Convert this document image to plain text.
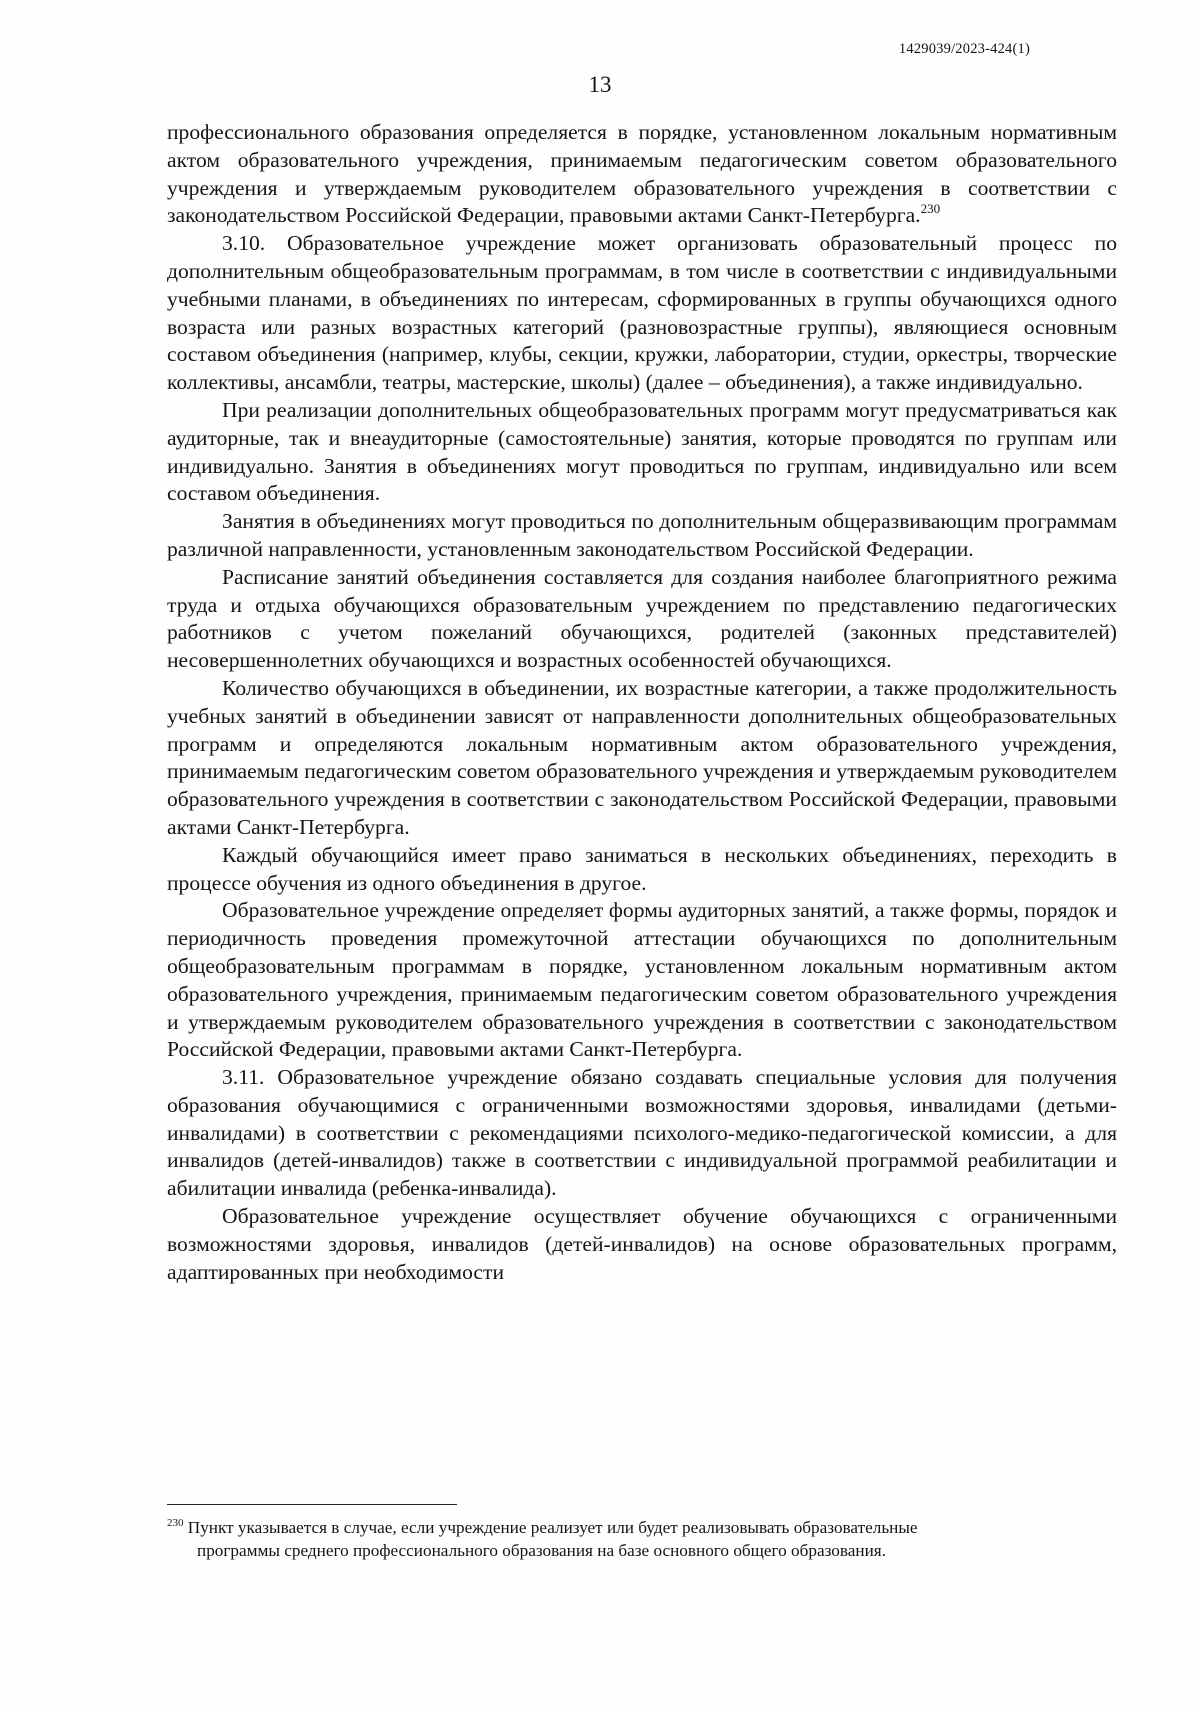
1429039/2023-424(1)
13

профессионального образования определяется в порядке, установленном локальным нормативным актом образовательного учреждения, принимаемым педагогическим советом образовательного учреждения и утверждаемым руководителем образовательного учреждения в соответствии с законодательством Российской Федерации, правовыми актами Санкт-Петербурга.$^{230}$

3.10. Образовательное учреждение может организовать образовательный процесс по дополнительным общеобразовательным программам, в том числе в соответствии с индивидуальными учебными планами, в объединениях по интересам, сформированных в группы обучающихся одного возраста или разных возрастных категорий (разновозрастные группы), являющиеся основным составом объединения (например, клубы, секции, кружки, лаборатории, студии, оркестры, творческие коллективы, ансамбли, театры, мастерские, школы) (далее – объединения), а также индивидуально.

При реализации дополнительных общеобразовательных программ могут предусматриваться как аудиторные, так и внеаудиторные (самостоятельные) занятия, которые проводятся по группам или индивидуально. Занятия в объединениях могут проводиться по группам, индивидуально или всем составом объединения.

Занятия в объединениях могут проводиться по дополнительным общеразвивающим программам различной направленности, установленным законодательством Российской Федерации.

Расписание занятий объединения составляется для создания наиболее благоприятного режима труда и отдыха обучающихся образовательным учреждением по представлению педагогических работников с учетом пожеланий обучающихся, родителей (законных представителей) несовершеннолетних обучающихся и возрастных особенностей обучающихся.

Количество обучающихся в объединении, их возрастные категории, а также продолжительность учебных занятий в объединении зависят от направленности дополнительных общеобразовательных программ и определяются локальным нормативным актом образовательного учреждения, принимаемым педагогическим советом образовательного учреждения и утверждаемым руководителем образовательного учреждения в соответствии с законодательством Российской Федерации, правовыми актами Санкт-Петербурга.

Каждый обучающийся имеет право заниматься в нескольких объединениях, переходить в процессе обучения из одного объединения в другое.

Образовательное учреждение определяет формы аудиторных занятий, а также формы, порядок и периодичность проведения промежуточной аттестации обучающихся по дополнительным общеобразовательным программам в порядке, установленном локальным нормативным актом образовательного учреждения, принимаемым педагогическим советом образовательного учреждения и утверждаемым руководителем образовательного учреждения в соответствии с законодательством Российской Федерации, правовыми актами Санкт-Петербурга.

3.11. Образовательное учреждение обязано создавать специальные условия для получения образования обучающимися с ограниченными возможностями здоровья, инвалидами (детьми-инвалидами) в соответствии с рекомендациями психолого-медико-педагогической комиссии, а для инвалидов (детей-инвалидов) также в соответствии с индивидуальной программой реабилитации и абилитации инвалида (ребенка-инвалида).

Образовательное учреждение осуществляет обучение обучающихся с ограниченными возможностями здоровья, инвалидов (детей-инвалидов) на основе образовательных программ, адаптированных при необходимости

$^{230}$ Пункт указывается в случае, если учреждение реализует или будет реализовывать образовательные
программы среднего профессионального образования на базе основного общего образования.
